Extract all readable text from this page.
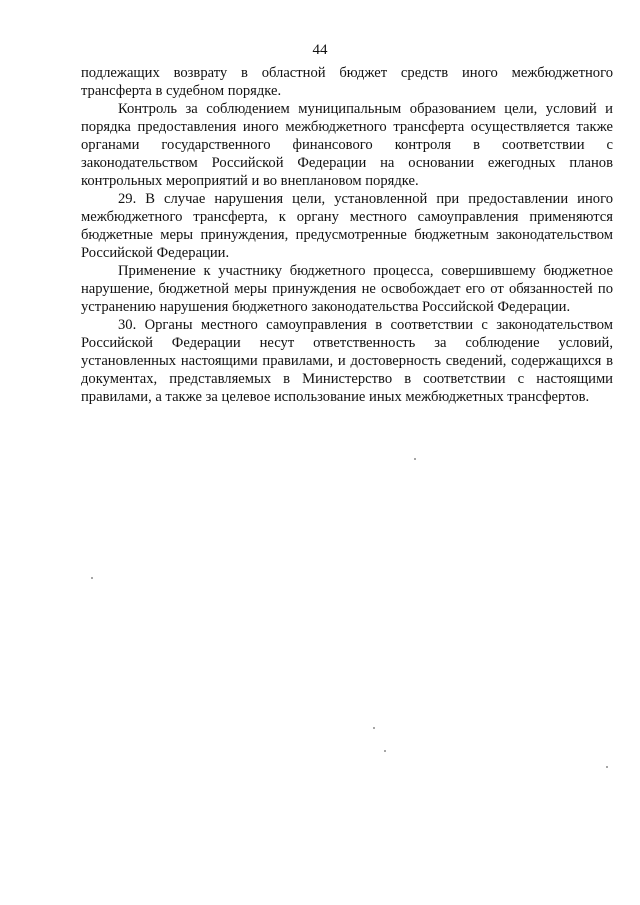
44

подлежащих возврату в областной бюджет средств иного межбюджетного трансферта в судебном порядке.

Контроль за соблюдением муниципальным образованием цели, условий и порядка предоставления иного межбюджетного трансферта осуществляется также органами государственного финансового контроля в соответствии с законодательством Российской Федерации на основании ежегодных планов контрольных мероприятий и во внеплановом порядке.

29. В случае нарушения цели, установленной при предоставлении иного межбюджетного трансферта, к органу местного самоуправления применяются бюджетные меры принуждения, предусмотренные бюджетным законодательством Российской Федерации.

Применение к участнику бюджетного процесса, совершившему бюджетное нарушение, бюджетной меры принуждения не освобождает его от обязанностей по устранению нарушения бюджетного законодательства Российской Федерации.

30. Органы местного самоуправления в соответствии с законодательством Российской Федерации несут ответственность за соблюдение условий, установленных настоящими правилами, и достоверность сведений, содержащихся в документах, представляемых в Министерство в соответствии с настоящими правилами, а также за целевое использование иных межбюджетных трансфертов.
